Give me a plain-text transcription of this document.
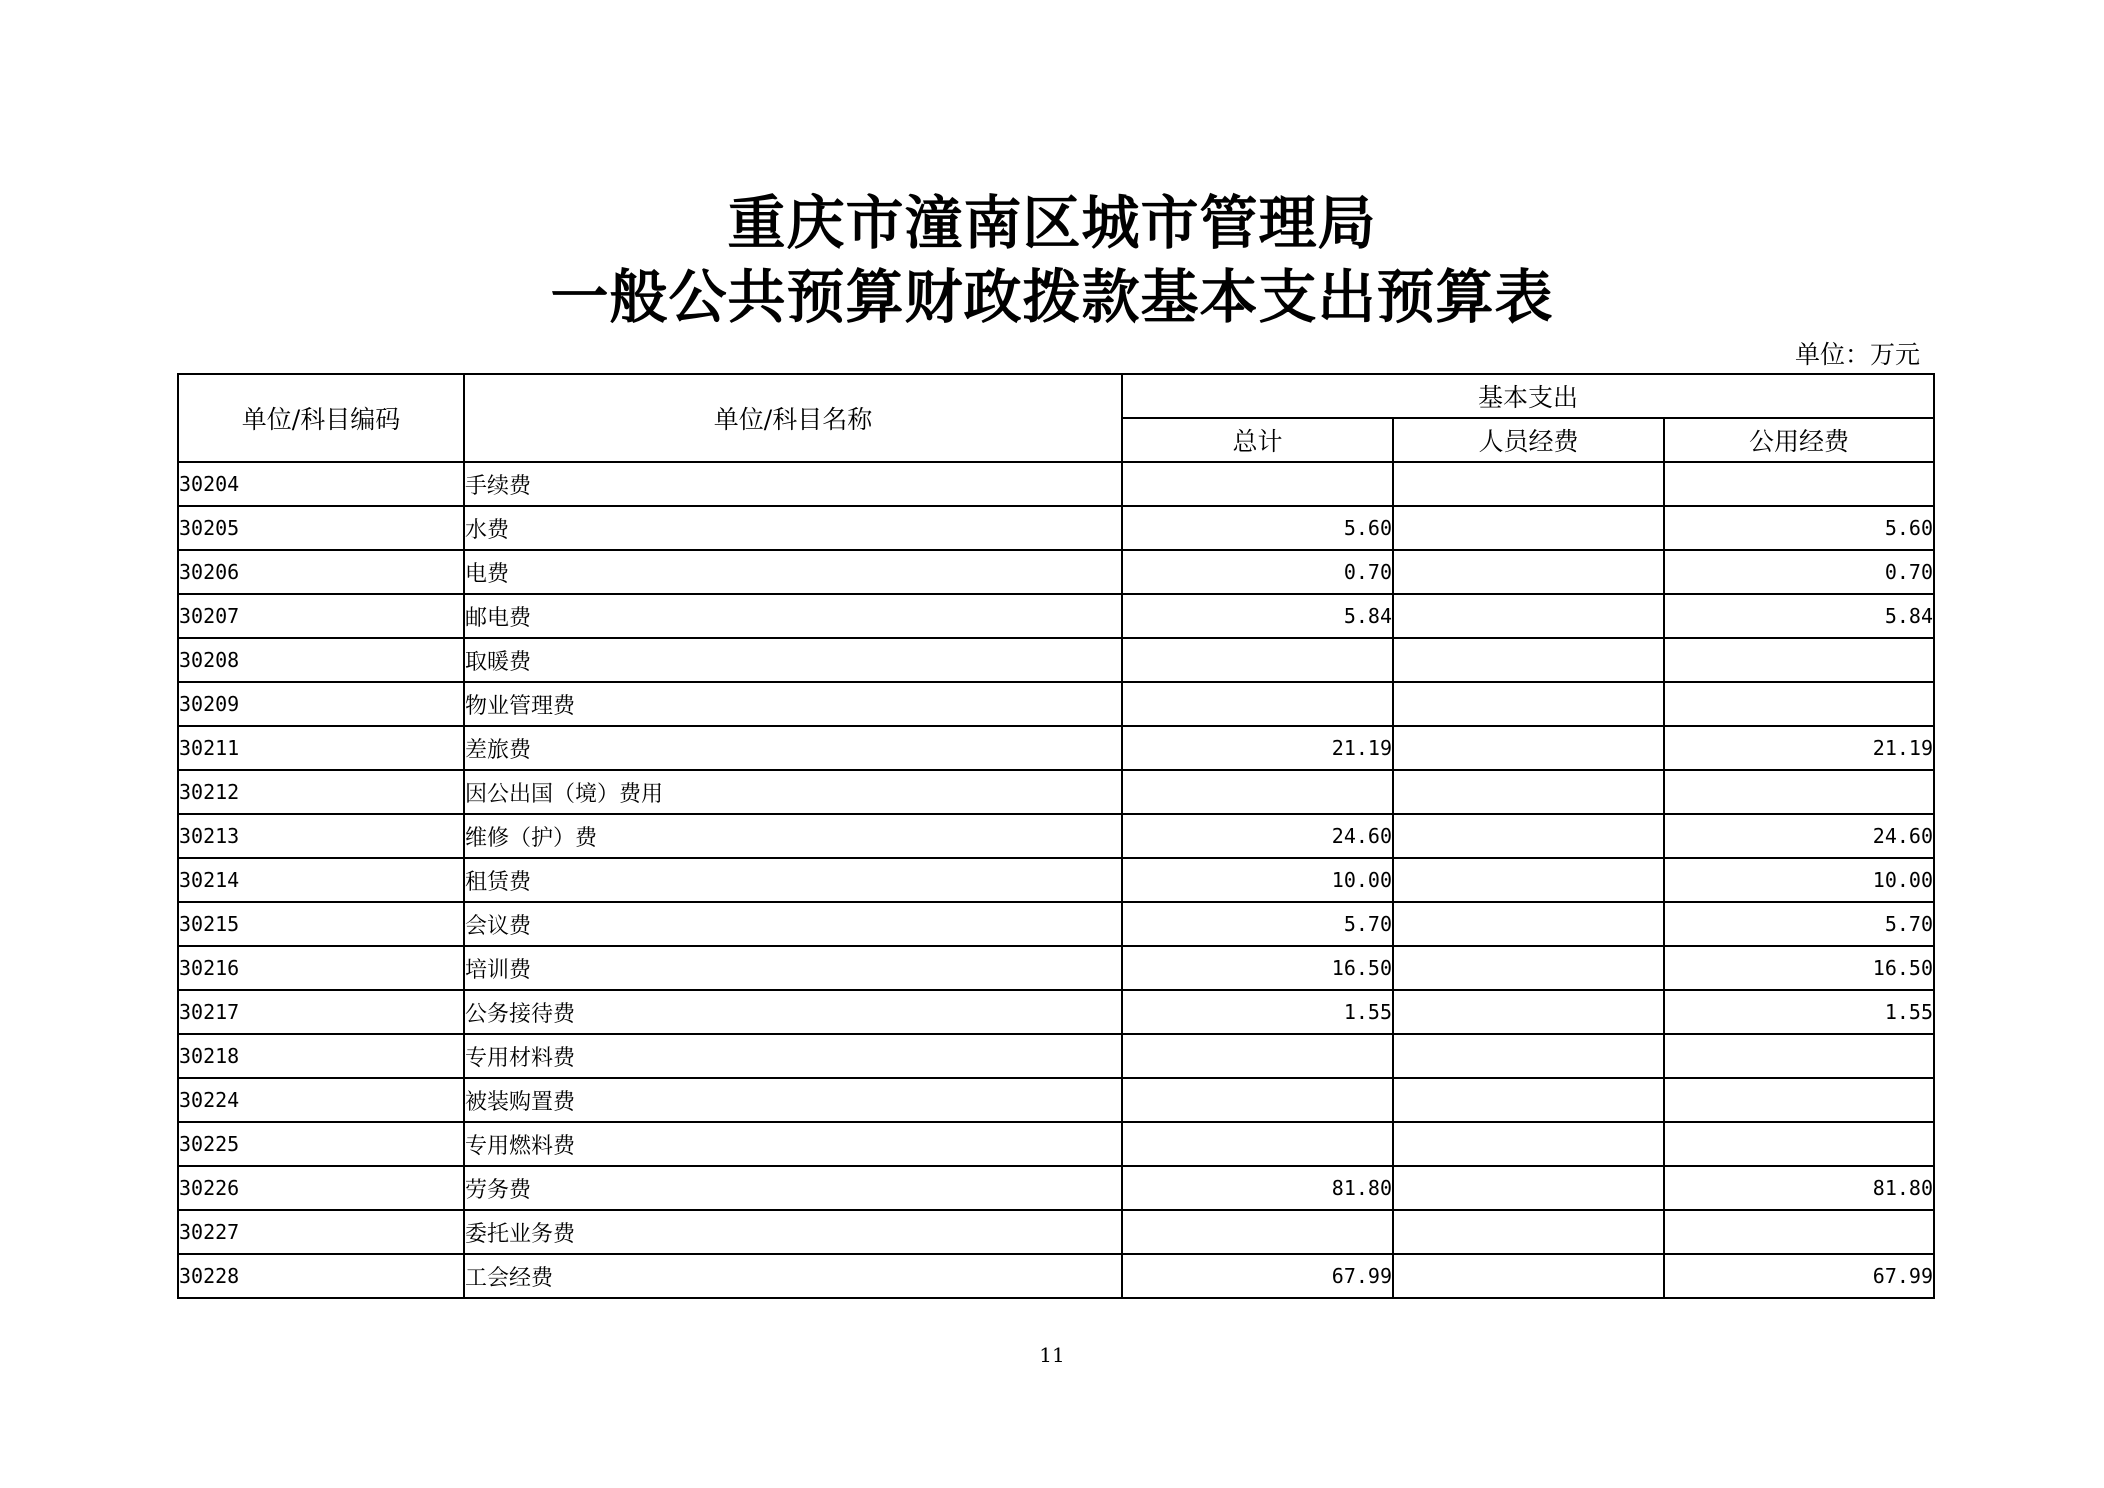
重庆市潼南区城市管理局
一般公共预算财政拨款基本支出预算表
单位：万元
单位/科目编码	单位/科目名称	基本支出		
		总计	人员经费	公用经费
30204	手续费			
30205	水费	5.60		5.60
30206	电费	0.70		0.70
30207	邮电费	5.84		5.84
30208	取暖费			
30209	物业管理费			
30211	差旅费	21.19		21.19
30212	因公出国（境）费用			
30213	维修（护）费	24.60		24.60
30214	租赁费	10.00		10.00
30215	会议费	5.70		5.70
30216	培训费	16.50		16.50
30217	公务接待费	1.55		1.55
30218	专用材料费			
30224	被装购置费			
30225	专用燃料费			
30226	劳务费	81.80		81.80
30227	委托业务费			
30228	工会经费	67.99		67.99
11
